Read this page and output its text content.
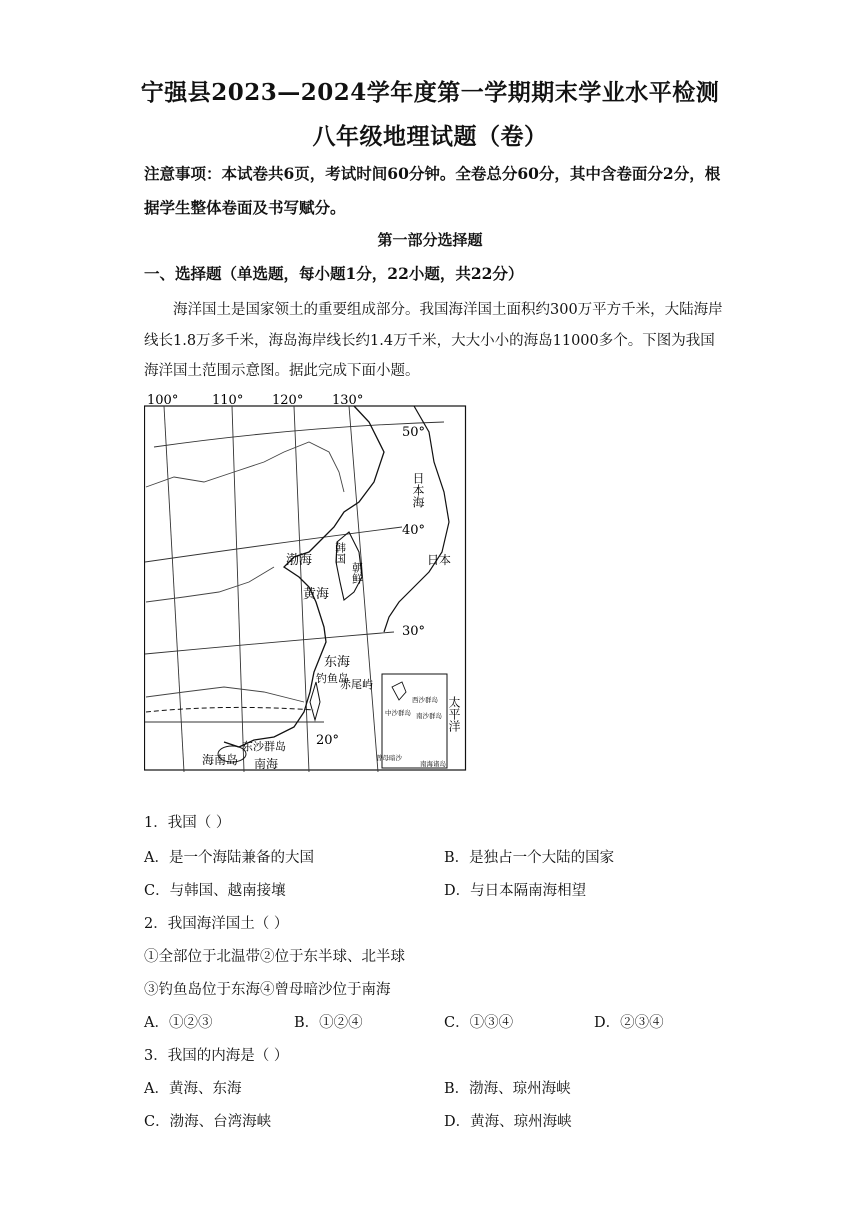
宁强县2023—2024学年度第一学期期末学业水平检测
八年级地理试题（卷）
注意事项：本试卷共6页，考试时间60分钟。全卷总分60分，其中含卷面分2分，根据学生整体卷面及书写赋分。
第一部分选择题
一、选择题（单选题，每小题1分，22小题，共22分）
海洋国土是国家领土的重要组成部分。我国海洋国土面积约300万平方千米，大陆海岸线长1.8万多千米，海岛海岸线长约1.4万千米，大大小小的海岛11000多个。下图为我国海洋国土范围示意图。据此完成下面小题。
100°	110° 120° 130°
50°
40°
30°
20°
日本海
日本
韩国
朝鲜
渤海
黄海
东海
钓鱼岛
赤尾屿
东沙群岛
海南岛 南海
太平洋
西沙群岛
中沙群岛 南沙群岛
曾母暗沙
南海诸岛
1．我国（ ）
A．是一个海陆兼备的大国	B．是独占一个大陆的国家
C．与韩国、越南接壤	D．与日本隔南海相望
2．我国海洋国土（ ）
①全部位于北温带②位于东半球、北半球
③钓鱼岛位于东海④曾母暗沙位于南海
A．①②③	B．①②④	C．①③④	D．②③④
3．我国的内海是（ ）
A．黄海、东海	B．渤海、琼州海峡
C．渤海、台湾海峡	D．黄海、琼州海峡
